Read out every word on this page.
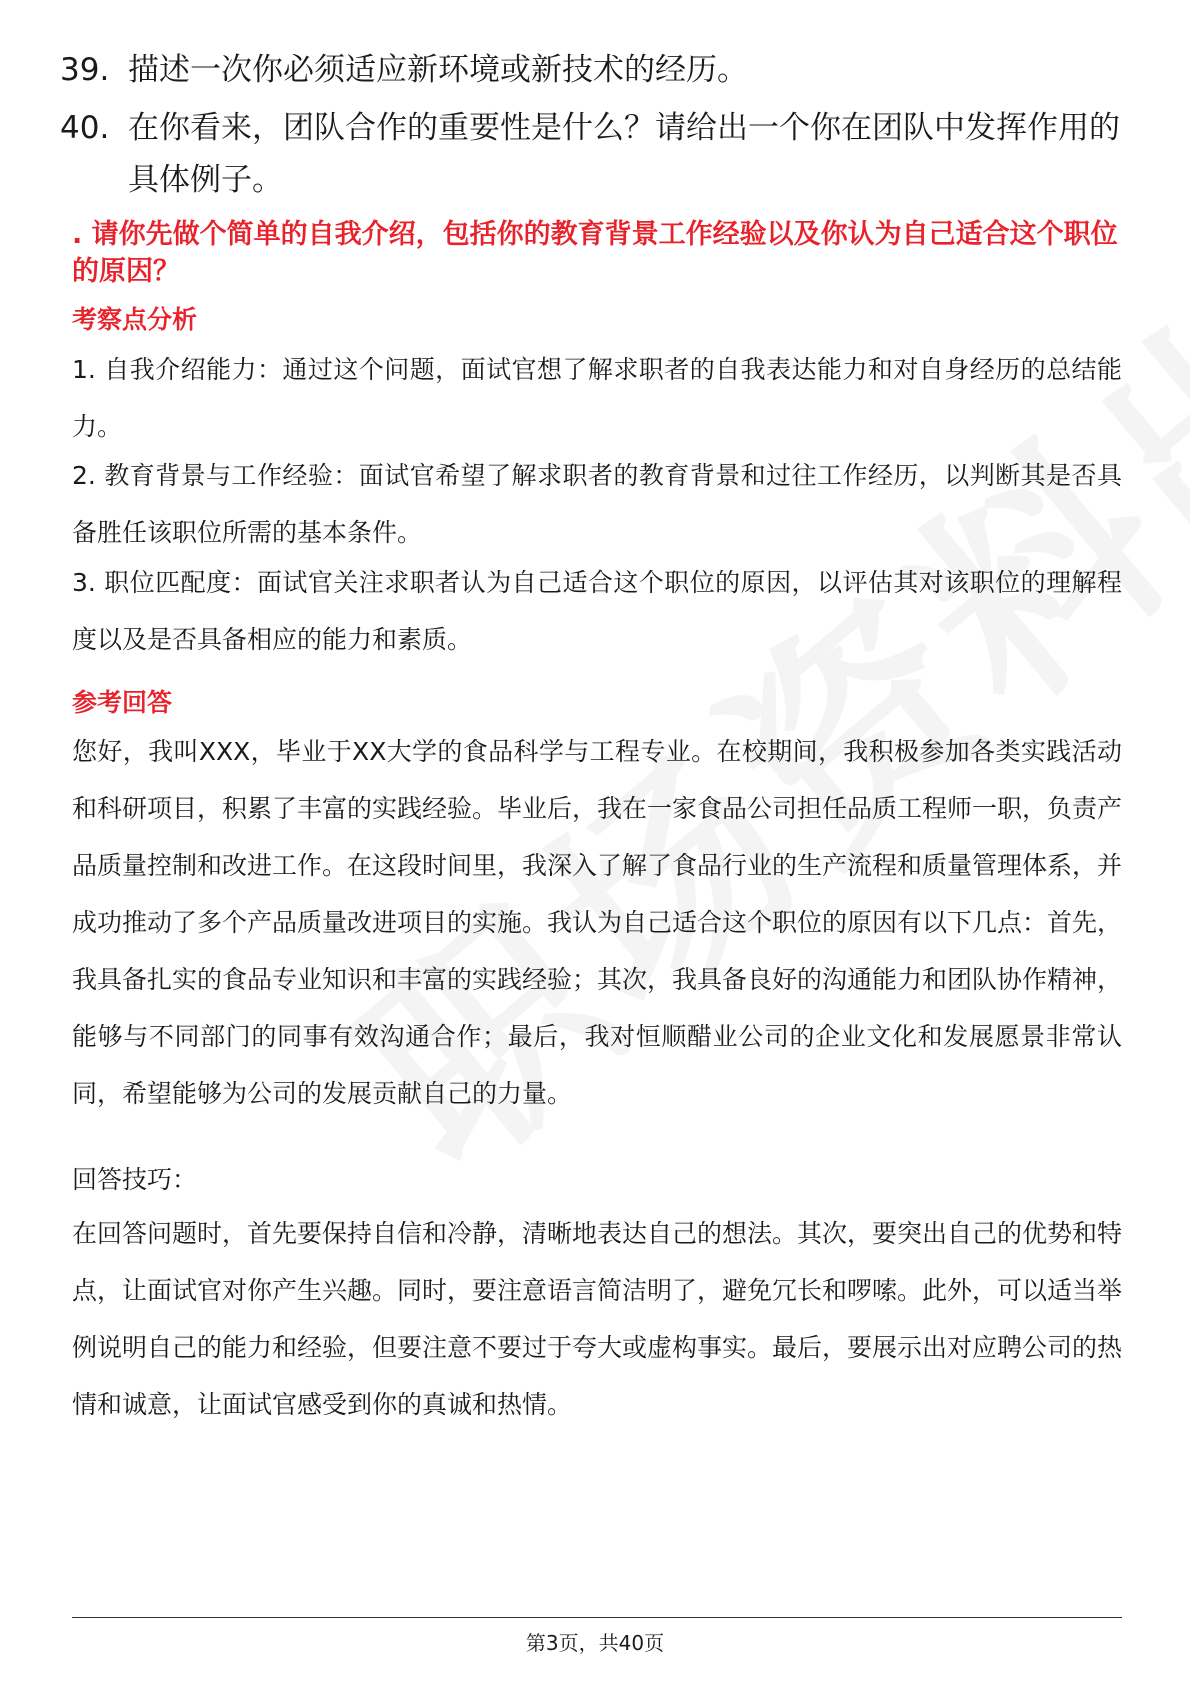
39. 描述一次你必须适应新环境或新技术的经历。
40. 在你看来，团队合作的重要性是什么？请给出一个你在团队中发挥作用的具体例子。
. 请你先做个简单的自我介绍，包括你的教育背景工作经验以及你认为自己适合这个职位的原因？
考察点分析
1. 自我介绍能力：通过这个问题，面试官想了解求职者的自我表达能力和对自身经历的总结能力。
2. 教育背景与工作经验：面试官希望了解求职者的教育背景和过往工作经历，以判断其是否具备胜任该职位所需的基本条件。
3. 职位匹配度：面试官关注求职者认为自己适合这个职位的原因，以评估其对该职位的理解程度以及是否具备相应的能力和素质。
参考回答
您好，我叫XXX，毕业于XX大学的食品科学与工程专业。在校期间，我积极参加各类实践活动和科研项目，积累了丰富的实践经验。毕业后，我在一家食品公司担任品质工程师一职，负责产品质量控制和改进工作。在这段时间里，我深入了解了食品行业的生产流程和质量管理体系，并成功推动了多个产品质量改进项目的实施。我认为自己适合这个职位的原因有以下几点：首先，我具备扎实的食品专业知识和丰富的实践经验；其次，我具备良好的沟通能力和团队协作精神，能够与不同部门的同事有效沟通合作；最后，我对恒顺醋业公司的企业文化和发展愿景非常认同，希望能够为公司的发展贡献自己的力量。
回答技巧：
在回答问题时，首先要保持自信和冷静，清晰地表达自己的想法。其次，要突出自己的优势和特点，让面试官对你产生兴趣。同时，要注意语言简洁明了，避免冗长和啰嗦。此外，可以适当举例说明自己的能力和经验，但要注意不要过于夸大或虚构事实。最后，要展示出对应聘公司的热情和诚意，让面试官感受到你的真诚和热情。
第3页，共40页
